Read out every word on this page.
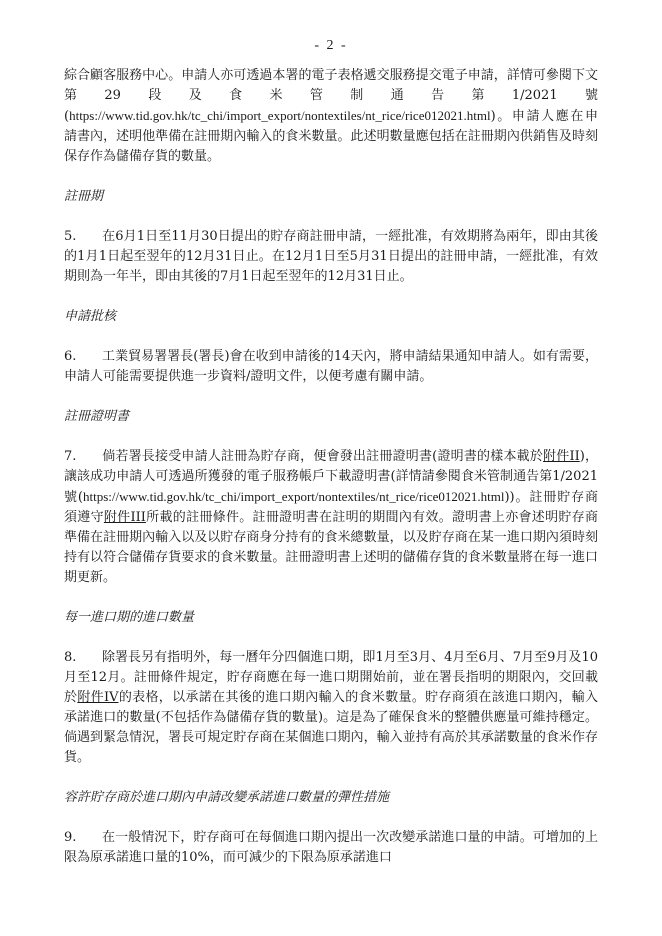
- 2 -

綜合顧客服務中心。申請人亦可透過本署的電子表格遞交服務提交電子申請，詳情可參閱下文第29段及食米管制通告第1/2021號(https://www.tid.gov.hk/tc_chi/import_export/nontextiles/nt_rice/rice012021.html)。申請人應在申請書內，述明他準備在註冊期內輸入的食米數量。此述明數量應包括在註冊期內供銷售及時刻保存作為儲備存貨的數量。

註冊期

5. 在6月1日至11月30日提出的貯存商註冊申請，一經批准，有效期將為兩年，即由其後的1月1日起至翌年的12月31日止。在12月1日至5月31日提出的註冊申請，一經批准，有效期則為一年半，即由其後的7月1日起至翌年的12月31日止。

申請批核

6. 工業貿易署署長(署長)會在收到申請後的14天內，將申請結果通知申請人。如有需要，申請人可能需要提供進一步資料/證明文件，以便考慮有關申請。

註冊證明書

7. 倘若署長接受申請人註冊為貯存商，便會發出註冊證明書(證明書的樣本載於附件II)，讓該成功申請人可透過所獲發的電子服務帳戶下載證明書(詳情請參閱食米管制通告第1/2021號(https://www.tid.gov.hk/tc_chi/import_export/nontextiles/nt_rice/rice012021.html))。註冊貯存商須遵守附件III所載的註冊條件。註冊證明書在註明的期間內有效。證明書上亦會述明貯存商準備在註冊期內輸入以及以貯存商身分持有的食米總數量，以及貯存商在某一進口期內須時刻持有以符合儲備存貨要求的食米數量。註冊證明書上述明的儲備存貨的食米數量將在每一進口期更新。

每一進口期的進口數量

8. 除署長另有指明外，每一曆年分四個進口期，即1月至3月、4月至6月、7月至9月及10月至12月。註冊條件規定，貯存商應在每一進口期開始前，並在署長指明的期限內，交回載於附件IV的表格，以承諾在其後的進口期內輸入的食米數量。貯存商須在該進口期內，輸入承諾進口的數量(不包括作為儲備存貨的數量)。這是為了確保食米的整體供應量可維持穩定。倘遇到緊急情況，署長可規定貯存商在某個進口期內，輸入並持有高於其承諾數量的食米作存貨。

容許貯存商於進口期內申請改變承諾進口數量的彈性措施

9. 在一般情況下，貯存商可在每個進口期內提出一次改變承諾進口量的申請。可增加的上限為原承諾進口量的10%，而可減少的下限為原承諾進口
